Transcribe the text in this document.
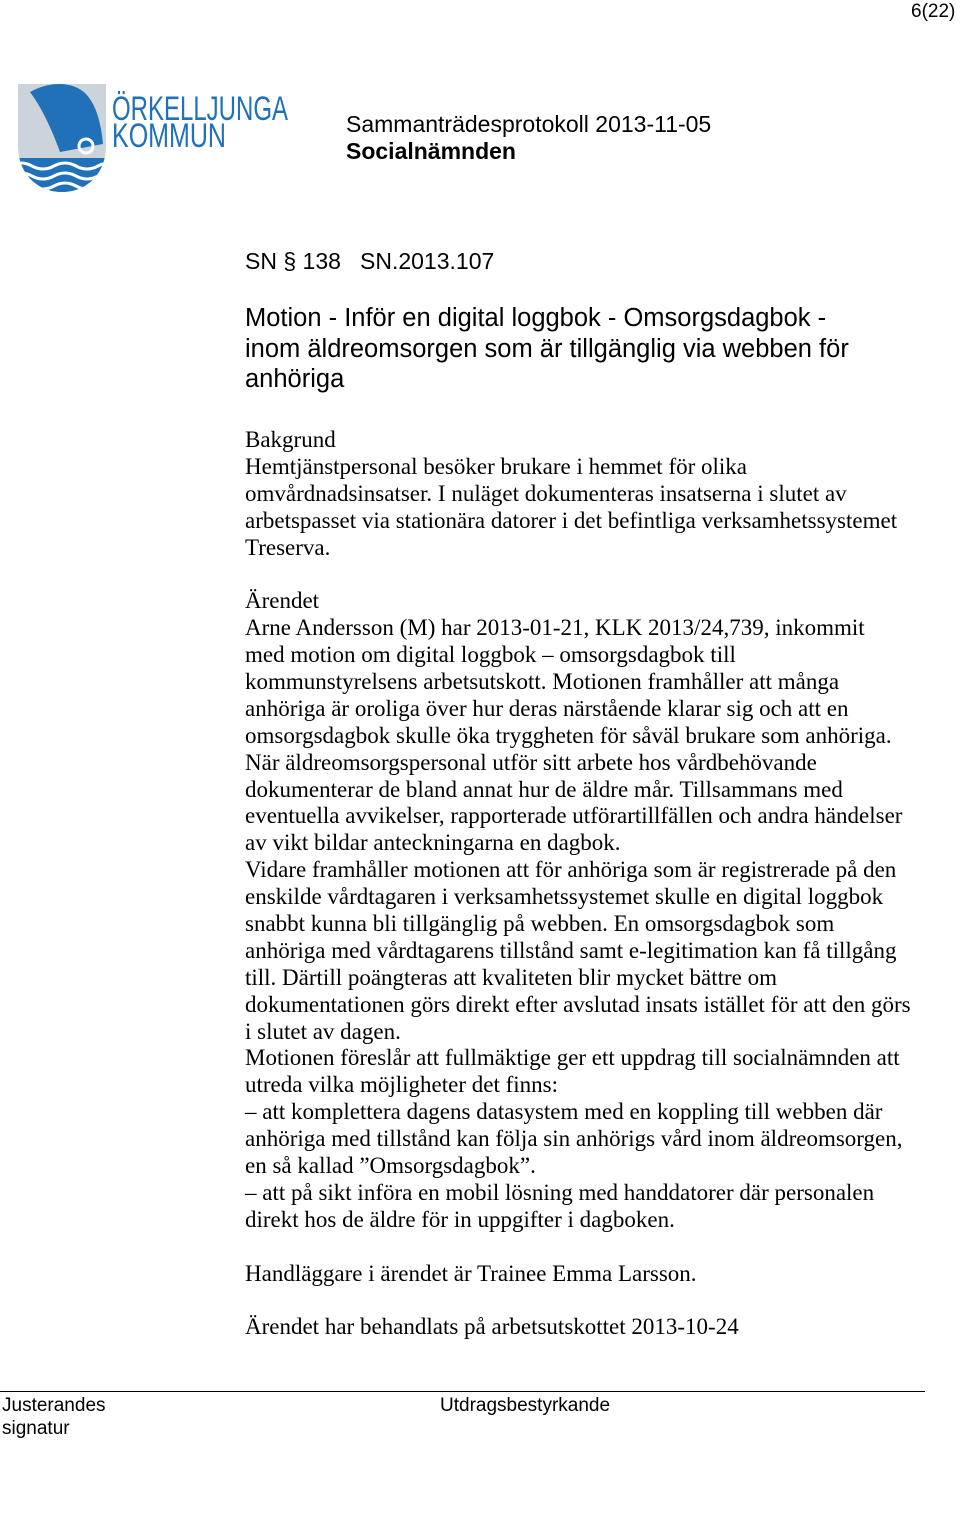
6(22)
ÖRKELLJUNGA
KOMMUN	Sammanträdesprotokoll 2013-11-05
Socialnämnden
SN § 138 SN.2013.107
Motion - Inför en digital loggbok - Omsorgsdagbok -
inom äldreomsorgen som är tillgänglig via webben för
anhöriga
Bakgrund
Hemtjänstpersonal besöker brukare i hemmet för olika
omvårdnadsinsatser. I nuläget dokumenteras insatserna i slutet av
arbetspasset via stationära datorer i det befintliga verksamhetssystemet
Treserva.
Ärendet
Arne Andersson (M) har 2013-01-21, KLK 2013/24,739, inkommit
med motion om digital loggbok – omsorgsdagbok till
kommunstyrelsens arbetsutskott. Motionen framhåller att många
anhöriga är oroliga över hur deras närstående klarar sig och att en
omsorgsdagbok skulle öka tryggheten för såväl brukare som anhöriga.
När äldreomsorgspersonal utför sitt arbete hos vårdbehövande
dokumenterar de bland annat hur de äldre mår. Tillsammans med
eventuella avvikelser, rapporterade utförartillfällen och andra händelser
av vikt bildar anteckningarna en dagbok.
Vidare framhåller motionen att för anhöriga som är registrerade på den
enskilde vårdtagaren i verksamhetssystemet skulle en digital loggbok
snabbt kunna bli tillgänglig på webben. En omsorgsdagbok som
anhöriga med vårdtagarens tillstånd samt e-legitimation kan få tillgång
till. Därtill poängteras att kvaliteten blir mycket bättre om
dokumentationen görs direkt efter avslutad insats istället för att den görs
i slutet av dagen.
Motionen föreslår att fullmäktige ger ett uppdrag till socialnämnden att
utreda vilka möjligheter det finns:
– att komplettera dagens datasystem med en koppling till webben där
anhöriga med tillstånd kan följa sin anhörigs vård inom äldreomsorgen,
en så kallad ”Omsorgsdagbok”.
– att på sikt införa en mobil lösning med handdatorer där personalen
direkt hos de äldre för in uppgifter i dagboken.
Handläggare i ärendet är Trainee Emma Larsson.
Ärendet har behandlats på arbetsutskottet 2013-10-24
Justerandes
signatur
Utdragsbestyrkande
